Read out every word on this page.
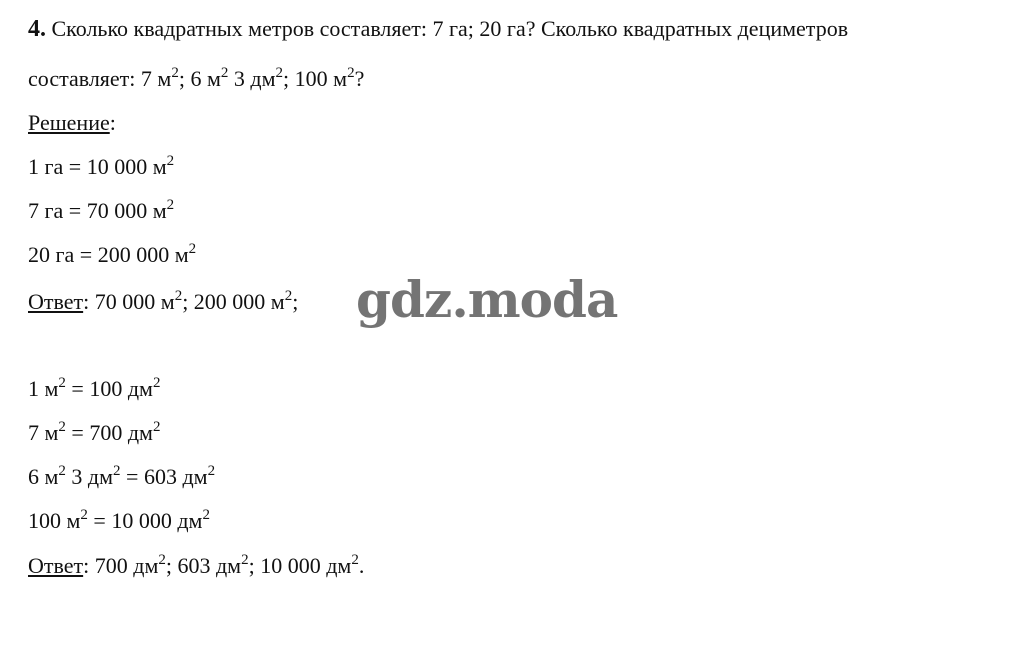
4. Сколько квадратных метров составляет: 7 га; 20 га? Сколько квадратных дециметров
составляет: 7 $м^2$; 6 $м^2$ 3 $дм^2$; 100 $м^2$?
Решение:
1 га = 10 000 $м^2$
7 га = 70 000 $м^2$
20 га = 200 000 $м^2$
Ответ: 70 000 $м^2$; 200 000 $м^2$; gdz.moda
1 $м^2 = 100$ $дм^2$
7 $м^2 = 700$ $дм^2$
6 $м^2$ 3 $дм^2 = 603$ $дм^2$
100 $м^2 = 10$ 000 $дм^2$
Ответ: 700 $дм^2$; 603 $дм^2$; 10 000 $дм^2$.
